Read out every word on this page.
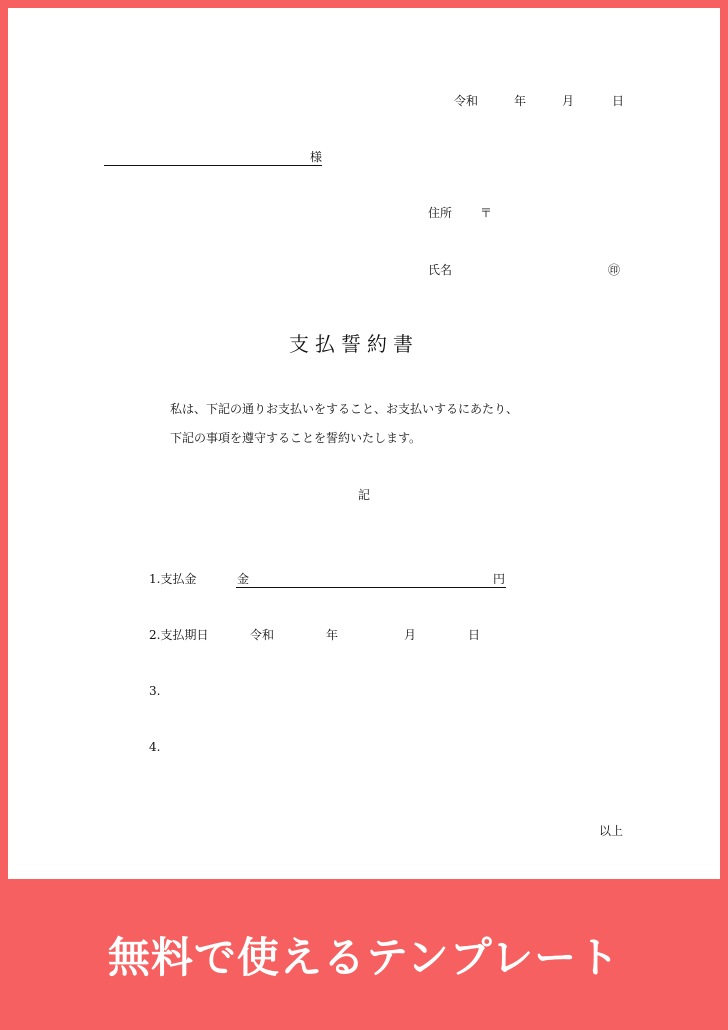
令和	年	月	日
様
住所 〒
氏名	㊞
支払誓約書
私は、下記の通りお支払いをすること、お支払いするにあたり、
下記の事項を遵守することを誓約いたします。
記
1.支払金	金	円
2.支払期日	令和	年	月	日
3.
4.
以上
無料で使えるテンプレート
